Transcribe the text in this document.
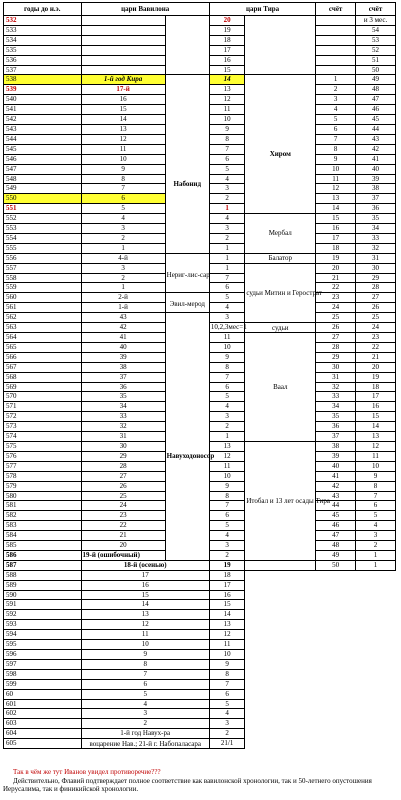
годы до н.э.	цари Вавилона		цари Тира		счёт	счёт
532			20			и 3 мес.
533			19			54
534			18			53
535			17			52
536			16			51
537			15			50
538	1-й год Кира	Набонид	14	Хиром	1	49
539	17-й		13		2	48
540	16		12		3	47
541	15		11		4	46
542	14		10		5	45
543	13		9		6	44
544	12		8		7	43
545	11		7		8	42
546	10		6		9	41
547	9		5		10	40
548	8		4		11	39
549	7		3		12	38
550	6		2		13	37
551	5		1		14	36
552	4		4	Мербал	15	35
553	3		3		16	34
554	2		2		17	33
555	1		1		18	32
556	4-й	Нериг-лис-сар	1	Балатор	19	31
557	3		1	судьи Митин и Герострат	20	30
558	2		7		21	29
559	1		6		22	28
560	2-й	Эвил-мерод	5		23	27
561	1-й		4		24	26
562	43	Навуходоносор	3		25	25
563	42		10,2,3мес=1	судьи	26	24
564	41		11	Ваал	27	23
565	40		10		28	22
566	39		9		29	21
567	38		8		30	20
568	37		7		31	19
569	36		6		32	18
570	35		5		33	17
571	34		4		34	16
572	33		3		35	15
573	32		2		36	14
574	31		1		37	13
575	30		13	Итобал и 13 лет осады Тира	38	12
576	29		12		39	11
577	28		11		40	10
578	27		10		41	9
579	26		9		42	8
580	25		8		43	7
581	24		7		44	6
582	23		6		45	5
583	22		5		46	4
584	21		4		47	3
585	20		3		48	2
586	19-й (ошибочный)		2		49	1
587	18-й (осенью)		19		50	1
588	17		18			
589	16		17			
590	15		16			
591	14		15			
592	13		14			
593	12		13			
594	11		12			
595	10		11			
596	9		10			
597	8		9			
598	7		8			
599	6		7			
60	5		6			
601	4		5			
602	3		4			
603	2		3			
604	1-й год Навух-ра		2			
605	воцарение Нав.; 21-й г. Набопаласара		21/1			
Так в чём же тут Иванов увидел противоречие???
Действительно, Флавий подтверждает полное соответствие как вавилонской хронологии, так и 50-летнего опустошения Иерусалима, так и финикийской хронологии.
